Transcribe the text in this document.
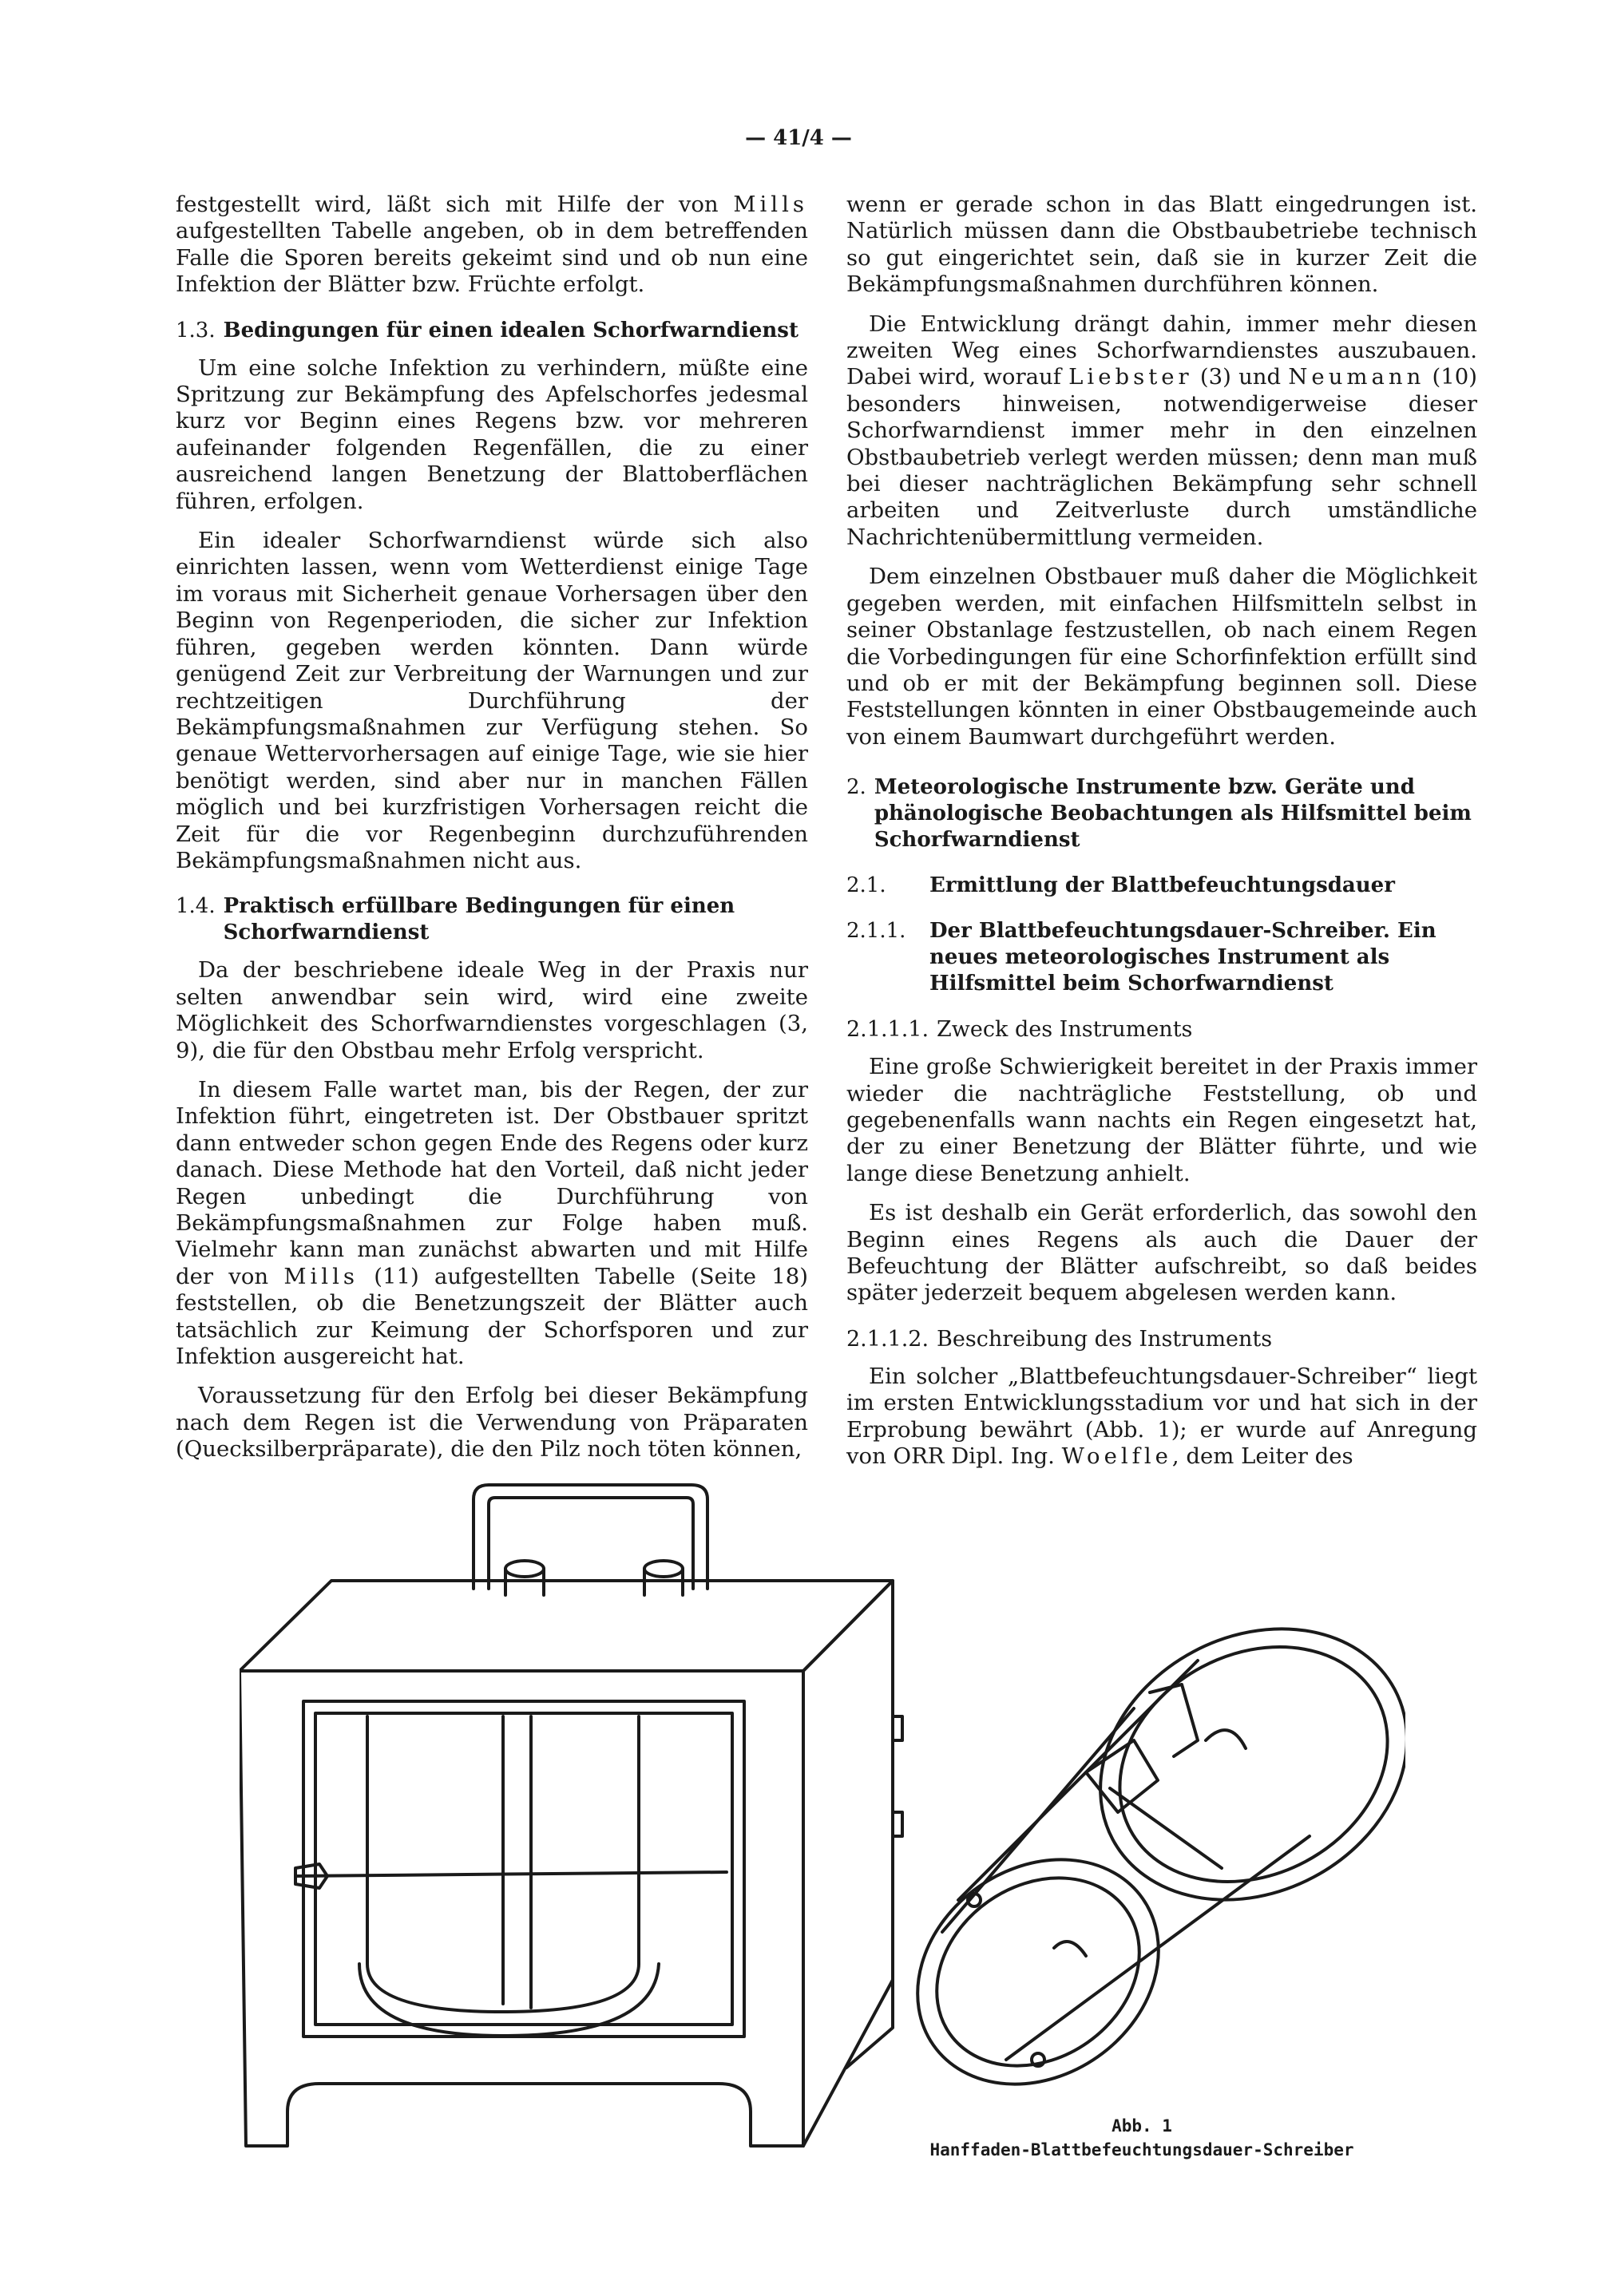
— 41/4 —

festgestellt wird, läßt sich mit Hilfe der von Mills aufgestellten Tabelle angeben, ob in dem betreffenden Falle die Sporen bereits gekeimt sind und ob nun eine Infektion der Blätter bzw. Früchte erfolgt.

1.3. Bedingungen für einen idealen Schorfwarndienst

Um eine solche Infektion zu verhindern, müßte eine Spritzung zur Bekämpfung des Apfelschorfes jedesmal kurz vor Beginn eines Regens bzw. vor mehreren aufeinander folgenden Regenfällen, die zu einer ausreichend langen Benetzung der Blattoberflächen führen, erfolgen.

Ein idealer Schorfwarndienst würde sich also einrichten lassen, wenn vom Wetterdienst einige Tage im voraus mit Sicherheit genaue Vorhersagen über den Beginn von Regenperioden, die sicher zur Infektion führen, gegeben werden könnten. Dann würde genügend Zeit zur Verbreitung der Warnungen und zur rechtzeitigen Durchführung der Bekämpfungsmaßnahmen zur Verfügung stehen. So genaue Wettervorhersagen auf einige Tage, wie sie hier benötigt werden, sind aber nur in manchen Fällen möglich und bei kurzfristigen Vorhersagen reicht die Zeit für die vor Regenbeginn durchzuführenden Bekämpfungsmaßnahmen nicht aus.

1.4. Praktisch erfüllbare Bedingungen für einen Schorfwarndienst

Da der beschriebene ideale Weg in der Praxis nur selten anwendbar sein wird, wird eine zweite Möglichkeit des Schorfwarndienstes vorgeschlagen (3, 9), die für den Obstbau mehr Erfolg verspricht.

In diesem Falle wartet man, bis der Regen, der zur Infektion führt, eingetreten ist. Der Obstbauer spritzt dann entweder schon gegen Ende des Regens oder kurz danach. Diese Methode hat den Vorteil, daß nicht jeder Regen unbedingt die Durchführung von Bekämpfungsmaßnahmen zur Folge haben muß. Vielmehr kann man zunächst abwarten und mit Hilfe der von Mills (11) aufgestellten Tabelle (Seite 18) feststellen, ob die Benetzungszeit der Blätter auch tatsächlich zur Keimung der Schorfsporen und zur Infektion ausgereicht hat.

Voraussetzung für den Erfolg bei dieser Bekämpfung nach dem Regen ist die Verwendung von Präparaten (Quecksilberpräparate), die den Pilz noch töten können,

wenn er gerade schon in das Blatt eingedrungen ist. Natürlich müssen dann die Obstbaubetriebe technisch so gut eingerichtet sein, daß sie in kurzer Zeit die Bekämpfungsmaßnahmen durchführen können.

Die Entwicklung drängt dahin, immer mehr diesen zweiten Weg eines Schorfwarndienstes auszubauen. Dabei wird, worauf Liebster (3) und Neumann (10) besonders hinweisen, notwendigerweise dieser Schorfwarndienst immer mehr in den einzelnen Obstbaubetrieb verlegt werden müssen; denn man muß bei dieser nachträglichen Bekämpfung sehr schnell arbeiten und Zeitverluste durch umständliche Nachrichtenübermittlung vermeiden.

Dem einzelnen Obstbauer muß daher die Möglichkeit gegeben werden, mit einfachen Hilfsmitteln selbst in seiner Obstanlage festzustellen, ob nach einem Regen die Vorbedingungen für eine Schorfinfektion erfüllt sind und ob er mit der Bekämpfung beginnen soll. Diese Feststellungen könnten in einer Obstbaugemeinde auch von einem Baumwart durchgeführt werden.

2. Meteorologische Instrumente bzw. Geräte und phänologische Beobachtungen als Hilfsmittel beim Schorfwarndienst
2.1.	Ermittlung der Blattbefeuchtungsdauer
2.1.1.	Der Blattbefeuchtungsdauer-Schreiber. Ein neues meteorologisches Instrument als Hilfsmittel beim Schorfwarndienst
2.1.1.1. Zweck des Instruments

Eine große Schwierigkeit bereitet in der Praxis immer wieder die nachträgliche Feststellung, ob und gegebenenfalls wann nachts ein Regen eingesetzt hat, der zu einer Benetzung der Blätter führte, und wie lange diese Benetzung anhielt.

Es ist deshalb ein Gerät erforderlich, das sowohl den Beginn eines Regens als auch die Dauer der Befeuchtung der Blätter aufschreibt, so daß beides später jederzeit bequem abgelesen werden kann.

2.1.1.2. Beschreibung des Instruments

Ein solcher „Blattbefeuchtungsdauer-Schreiber“ liegt im ersten Entwicklungsstadium vor und hat sich in der Erprobung bewährt (Abb. 1); er wurde auf Anregung von ORR Dipl. Ing. Woelfle, dem Leiter des

Abb. 1
Hanffaden-Blattbefeuchtungsdauer-Schreiber
